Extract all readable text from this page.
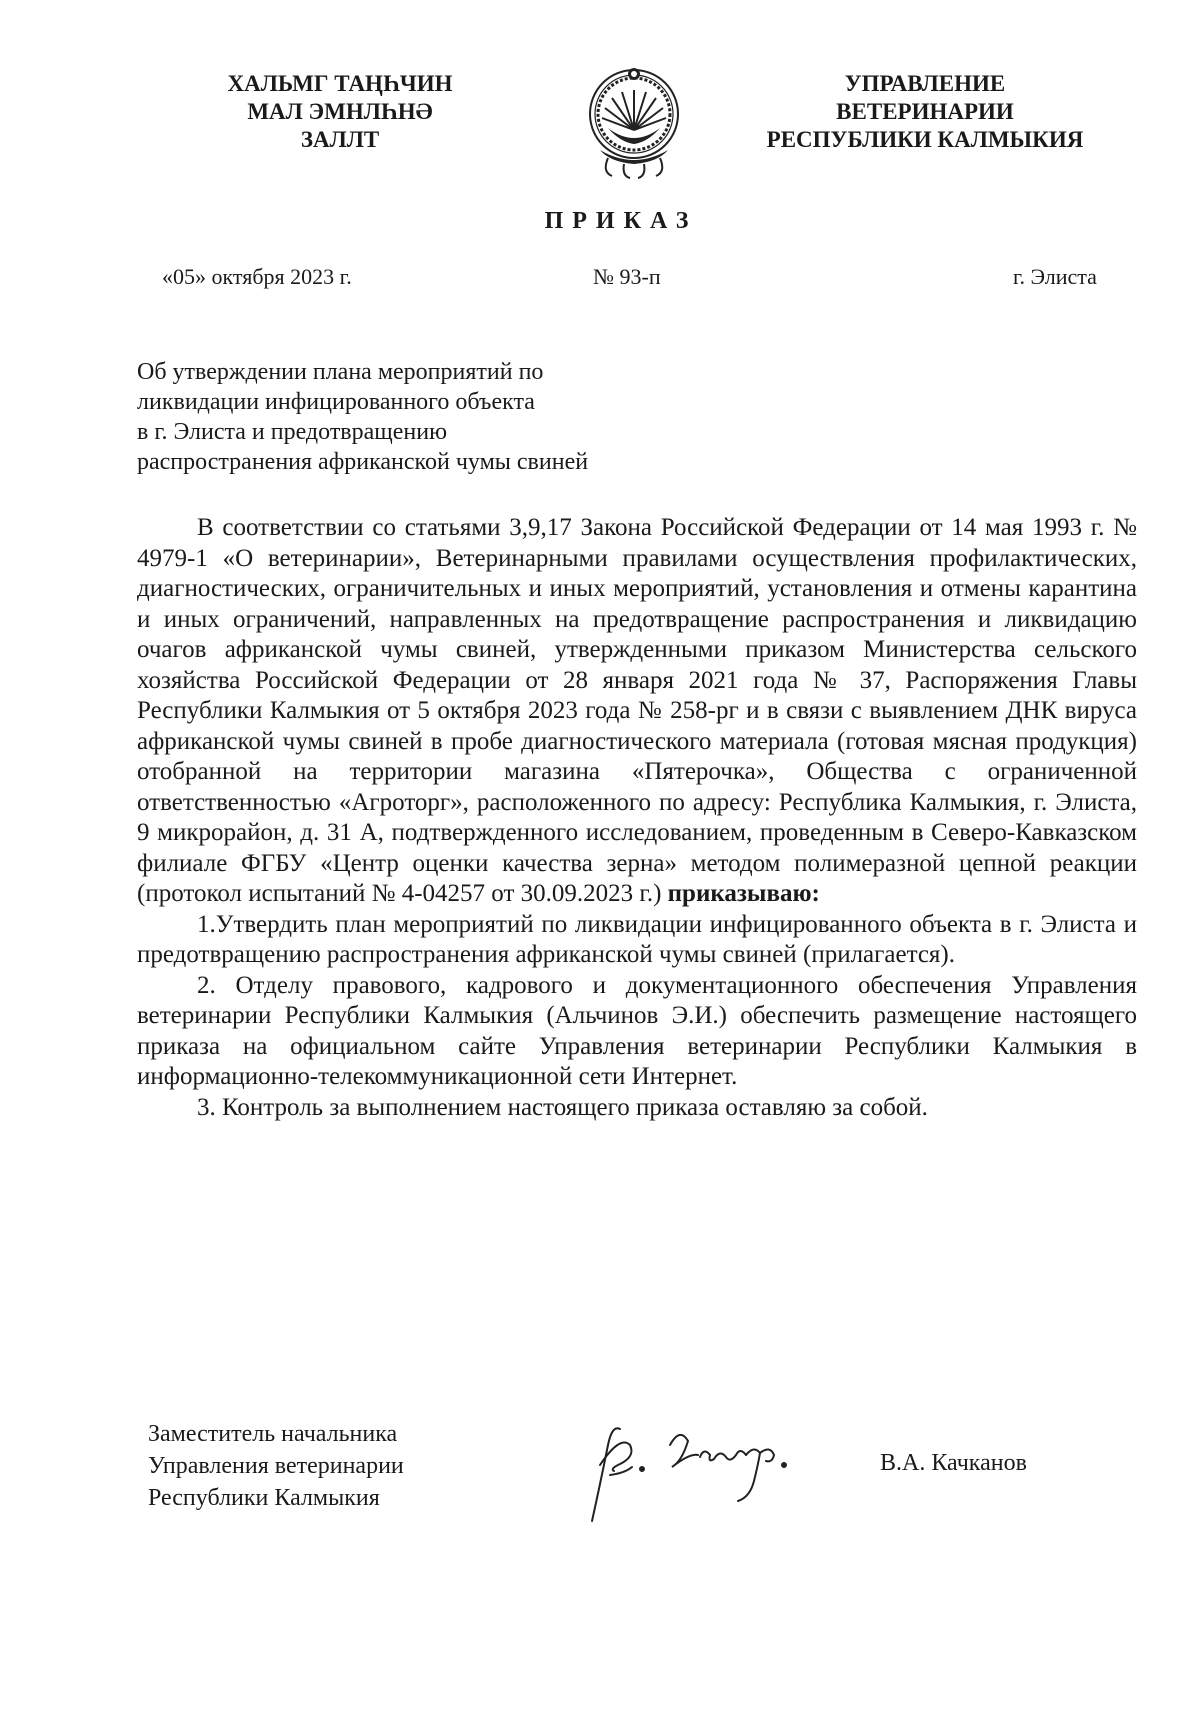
ХАЛЬМГ ТАҢҺЧИН
МАЛ ЭМНЛҺНӘ
ЗАЛЛТ
УПРАВЛЕНИЕ
ВЕТЕРИНАРИИ
РЕСПУБЛИКИ КАЛМЫКИЯ
ПРИКАЗ
«05» октября 2023 г.	№ 93-п	г. Элиста
Об утверждении плана мероприятий по
ликвидации инфицированного объекта
в г. Элиста и предотвращению
распространения африканской чумы свиней

В соответствии со статьями 3,9,17 Закона Российской Федерации от 14 мая 1993 г. № 4979-1 «О ветеринарии», Ветеринарными правилами осуществления профилактических, диагностических, ограничительных и иных мероприятий, установления и отмены карантина и иных ограничений, направленных на предотвращение распространения и ликвидацию очагов африканской чумы свиней, утвержденными приказом Министерства сельского хозяйства Российской Федерации от 28 января 2021 года № 37, Распоряжения Главы Республики Калмыкия от 5 октября 2023 года № 258-рг и в связи с выявлением ДНК вируса африканской чумы свиней в пробе диагностического материала (готовая мясная продукция) отобранной на территории магазина «Пятерочка», Общества с ограниченной ответственностью «Агроторг», расположенного по адресу: Республика Калмыкия, г. Элиста, 9 микрорайон, д. 31 А, подтвержденного исследованием, проведенным в Северо-Кавказском филиале ФГБУ «Центр оценки качества зерна» методом полимеразной цепной реакции (протокол испытаний № 4-04257 от 30.09.2023 г.) приказываю:

1.Утвердить план мероприятий по ликвидации инфицированного объекта в г. Элиста и предотвращению распространения африканской чумы свиней (прилагается).

2. Отделу правового, кадрового и документационного обеспечения Управления ветеринарии Республики Калмыкия (Альчинов Э.И.) обеспечить размещение настоящего приказа на официальном сайте Управления ветеринарии Республики Калмыкия в информационно-телекоммуникационной сети Интернет.

3. Контроль за выполнением настоящего приказа оставляю за собой.

Заместитель начальника
Управления ветеринарии
Республики Калмыкия
В.А. Качканов
